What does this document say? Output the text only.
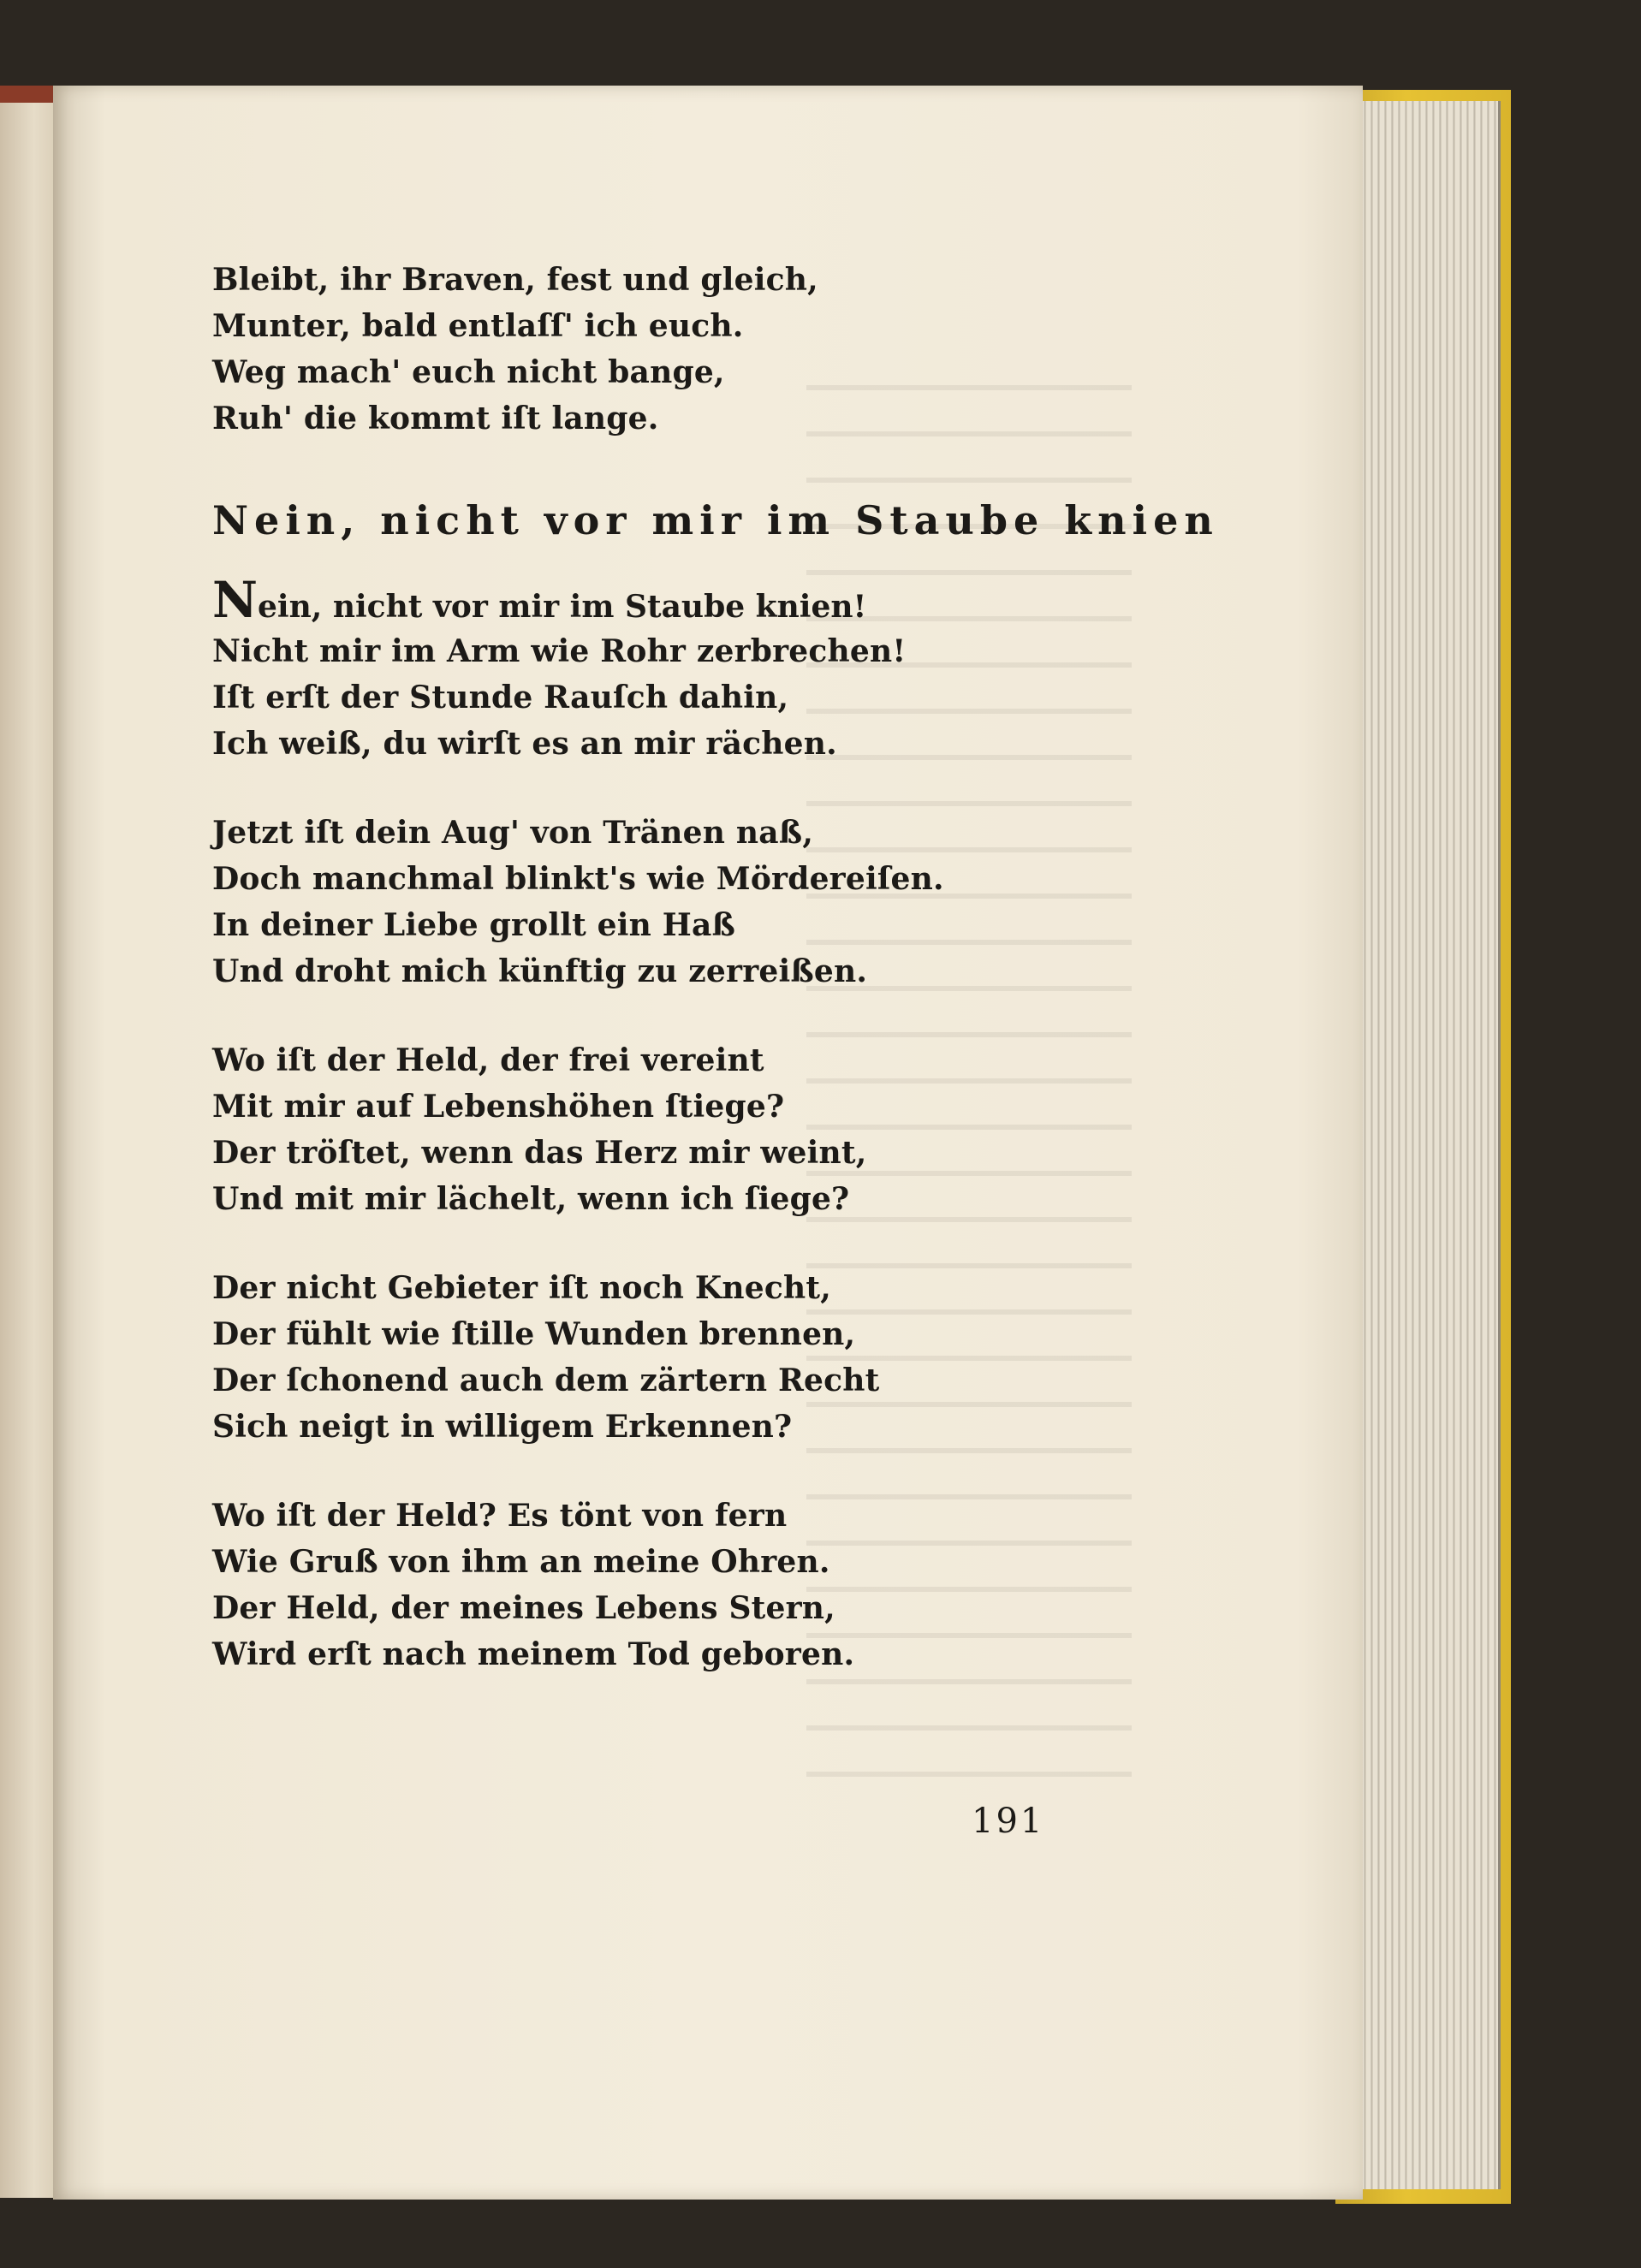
Bleibt, ihr Braven, fest und gleich,
Munter, bald entlaſſ' ich euch.
Weg mach' euch nicht bange,
Ruh' die kommt iſt lange.
Nein, nicht vor mir im Staube knien
Nein, nicht vor mir im Staube knien!
Nicht mir im Arm wie Rohr zerbrechen!
Iſt erſt der Stunde Rauſch dahin,
Ich weiß, du wirſt es an mir rächen.
Jetzt iſt dein Aug' von Tränen naß,
Doch manchmal blinkt's wie Mördereiſen.
In deiner Liebe grollt ein Haß
Und droht mich künftig zu zerreißen.
Wo iſt der Held, der frei vereint
Mit mir auf Lebenshöhen ſtiege?
Der tröſtet, wenn das Herz mir weint,
Und mit mir lächelt, wenn ich ſiege?
Der nicht Gebieter iſt noch Knecht,
Der fühlt wie ſtille Wunden brennen,
Der ſchonend auch dem zärtern Recht
Sich neigt in willigem Erkennen?
Wo iſt der Held? Es tönt von fern
Wie Gruß von ihm an meine Ohren.
Der Held, der meines Lebens Stern,
Wird erſt nach meinem Tod geboren.
191
